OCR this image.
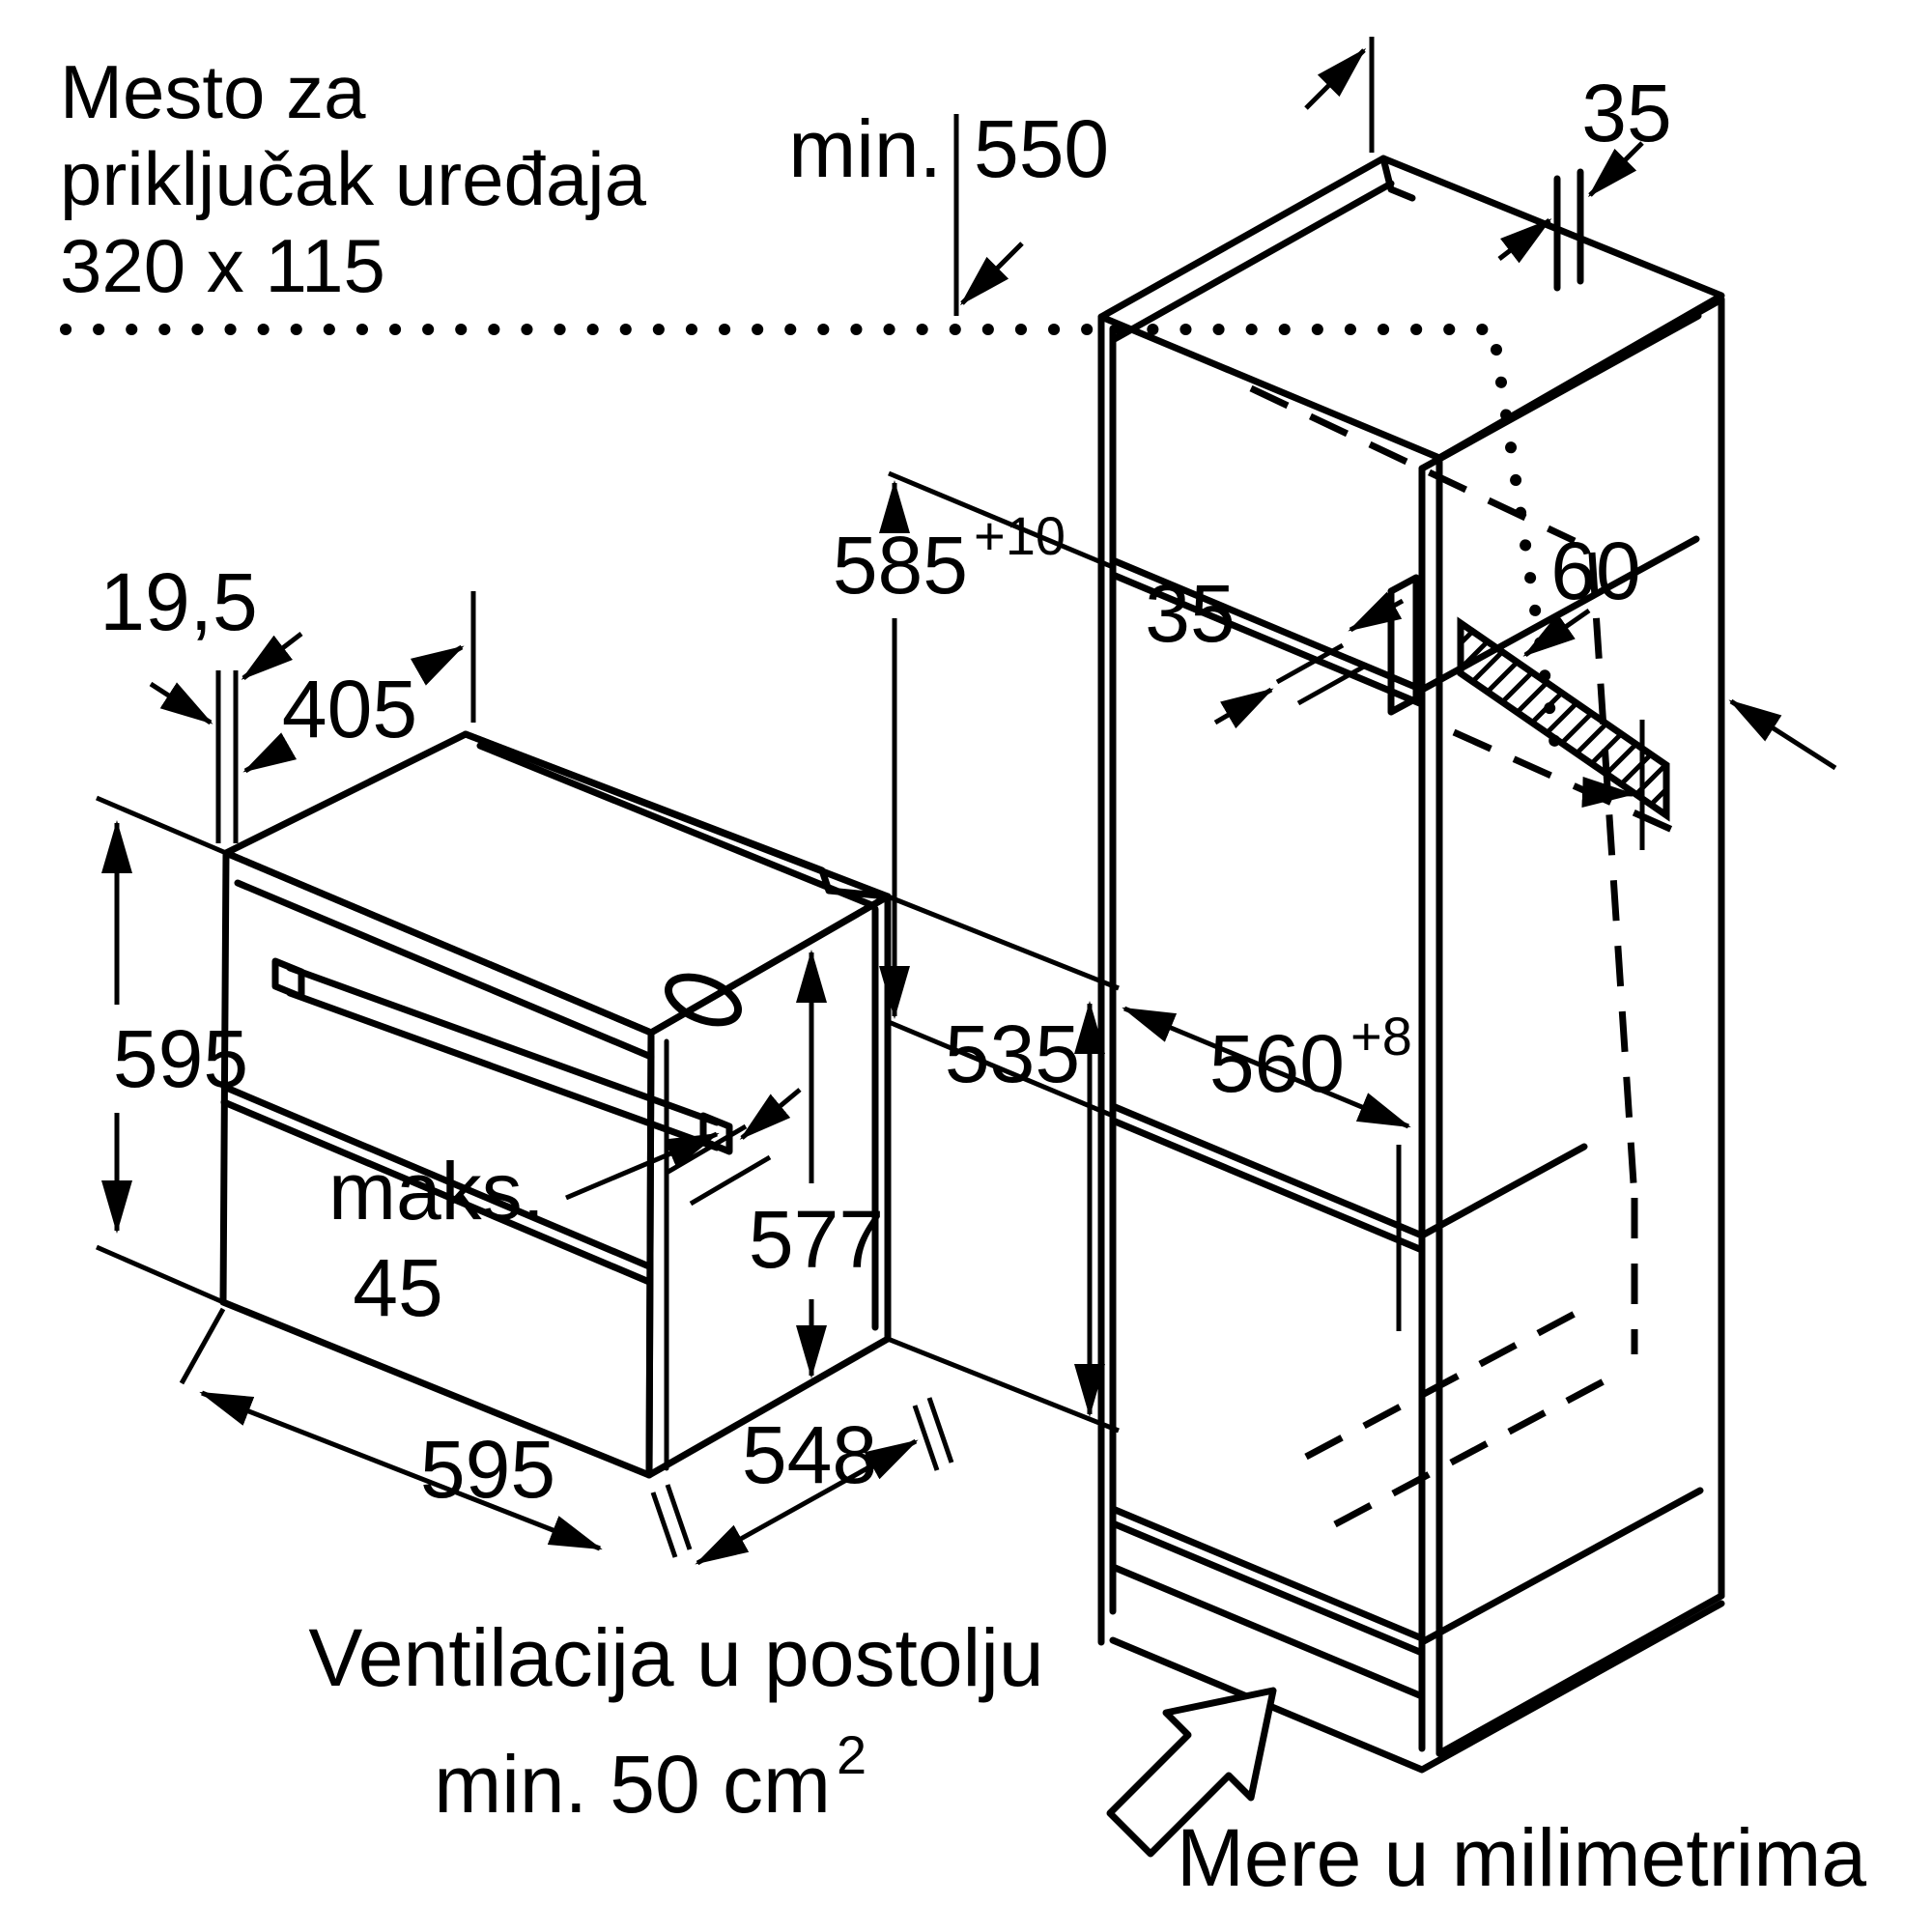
Mesto za
priključak uređaja
320 x 115
19,5
405
595
maks.
45
577
535
595 548
min. 550	35
585 +10
35	60
560 +8
Ventilacija u postolju
min. 50 cm 2
Mere u milimetrima
